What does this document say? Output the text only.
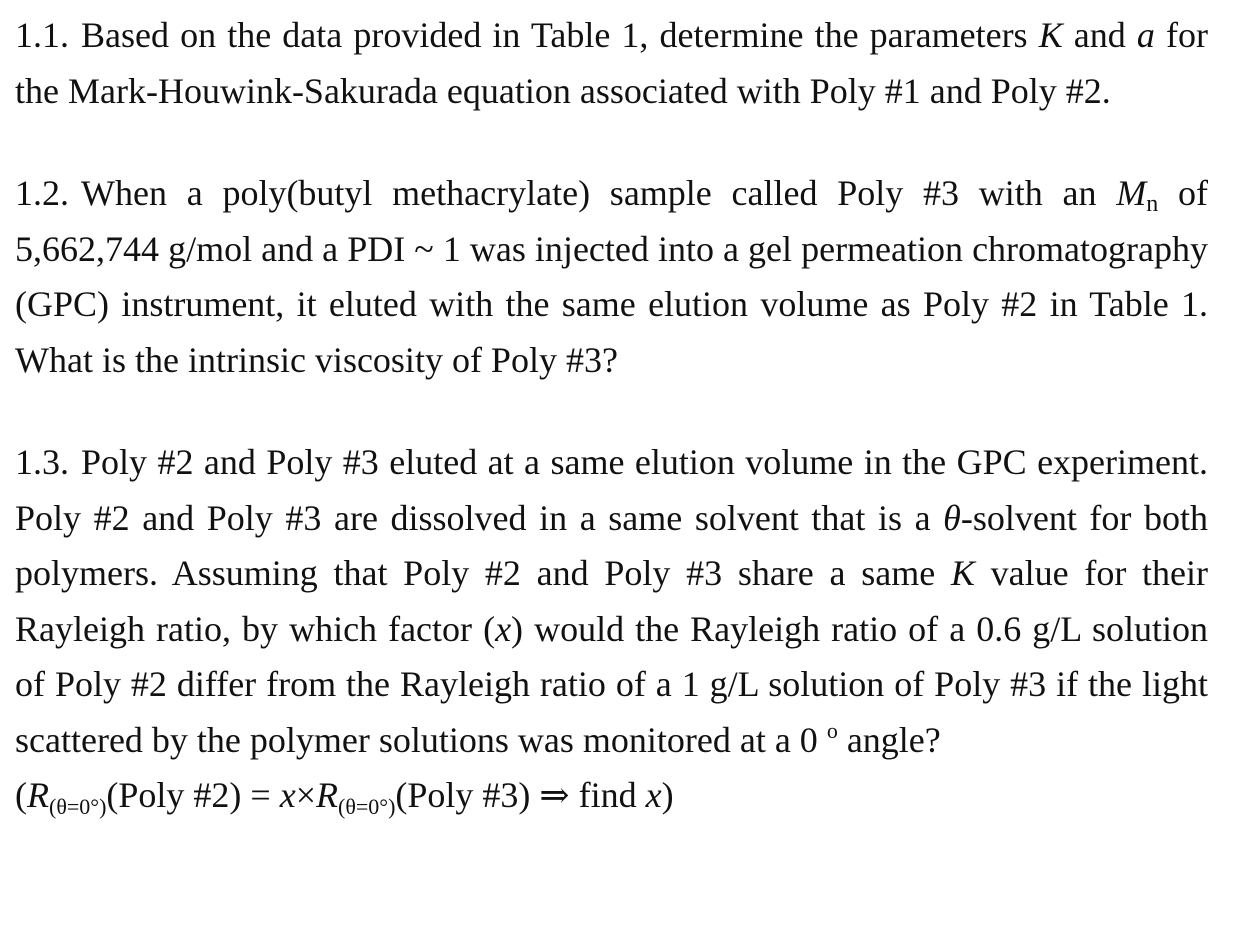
1.1. Based on the data provided in Table 1, determine the parameters K and a for the Mark-Houwink-Sakurada equation associated with Poly #1 and Poly #2.

1.2. When a poly(butyl methacrylate) sample called Poly #3 with an $M_n$ of 5,662,744 g/mol and a PDI ~ 1 was injected into a gel permeation chromatography (GPC) instrument, it eluted with the same elution volume as Poly #2 in Table 1. What is the intrinsic viscosity of Poly #3?

1.3. Poly #2 and Poly #3 eluted at a same elution volume in the GPC experiment. Poly #2 and Poly #3 are dissolved in a same solvent that is a θ-solvent for both polymers. Assuming that Poly #2 and Poly #3 share a same K value for their Rayleigh ratio, by which factor (x) would the Rayleigh ratio of a 0.6 g/L solution of Poly #2 differ from the Rayleigh ratio of a 1 g/L solution of Poly #3 if the light scattered by the polymer solutions was monitored at a 0 $^o$ angle?

(R(θ=0°)(Poly #2) = x×R(θ=0°)(Poly #3) ⇒ find x)
